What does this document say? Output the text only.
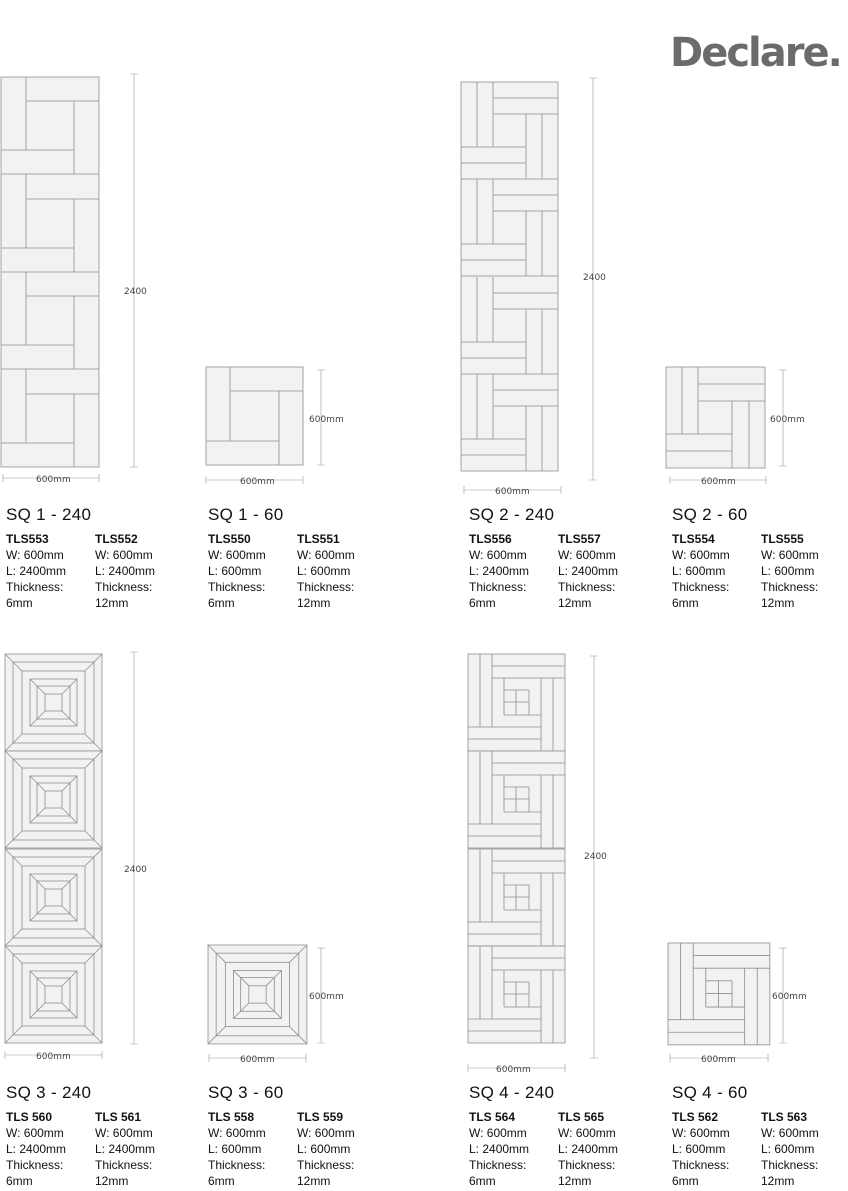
Declare.
2400
600mm
600mm
600mm
2400
600mm
600mm
600mm
2400
600mm
600mm
600mm
2400
600mm
600mm
600mm
SQ 1 - 240
TLS553
W: 600mm
L: 2400mm
Thickness:
6mm
TLS552
W: 600mm
L: 2400mm
Thickness:
12mm
SQ 1 - 60
TLS550
W: 600mm
L: 600mm
Thickness:
6mm
TLS551
W: 600mm
L: 600mm
Thickness:
12mm
SQ 2 - 240
TLS556
W: 600mm
L: 2400mm
Thickness:
6mm
TLS557
W: 600mm
L: 2400mm
Thickness:
12mm
SQ 2 - 60
TLS554
W: 600mm
L: 600mm
Thickness:
6mm
TLS555
W: 600mm
L: 600mm
Thickness:
12mm
SQ 3 - 240
TLS 560
W: 600mm
L: 2400mm
Thickness:
6mm
TLS 561
W: 600mm
L: 2400mm
Thickness:
12mm
SQ 3 - 60
TLS 558
W: 600mm
L: 600mm
Thickness:
6mm
TLS 559
W: 600mm
L: 600mm
Thickness:
12mm
SQ 4 - 240
TLS 564
W: 600mm
L: 2400mm
Thickness:
6mm
TLS 565
W: 600mm
L: 2400mm
Thickness:
12mm
SQ 4 - 60
TLS 562
W: 600mm
L: 600mm
Thickness:
6mm
TLS 563
W: 600mm
L: 600mm
Thickness:
12mm
